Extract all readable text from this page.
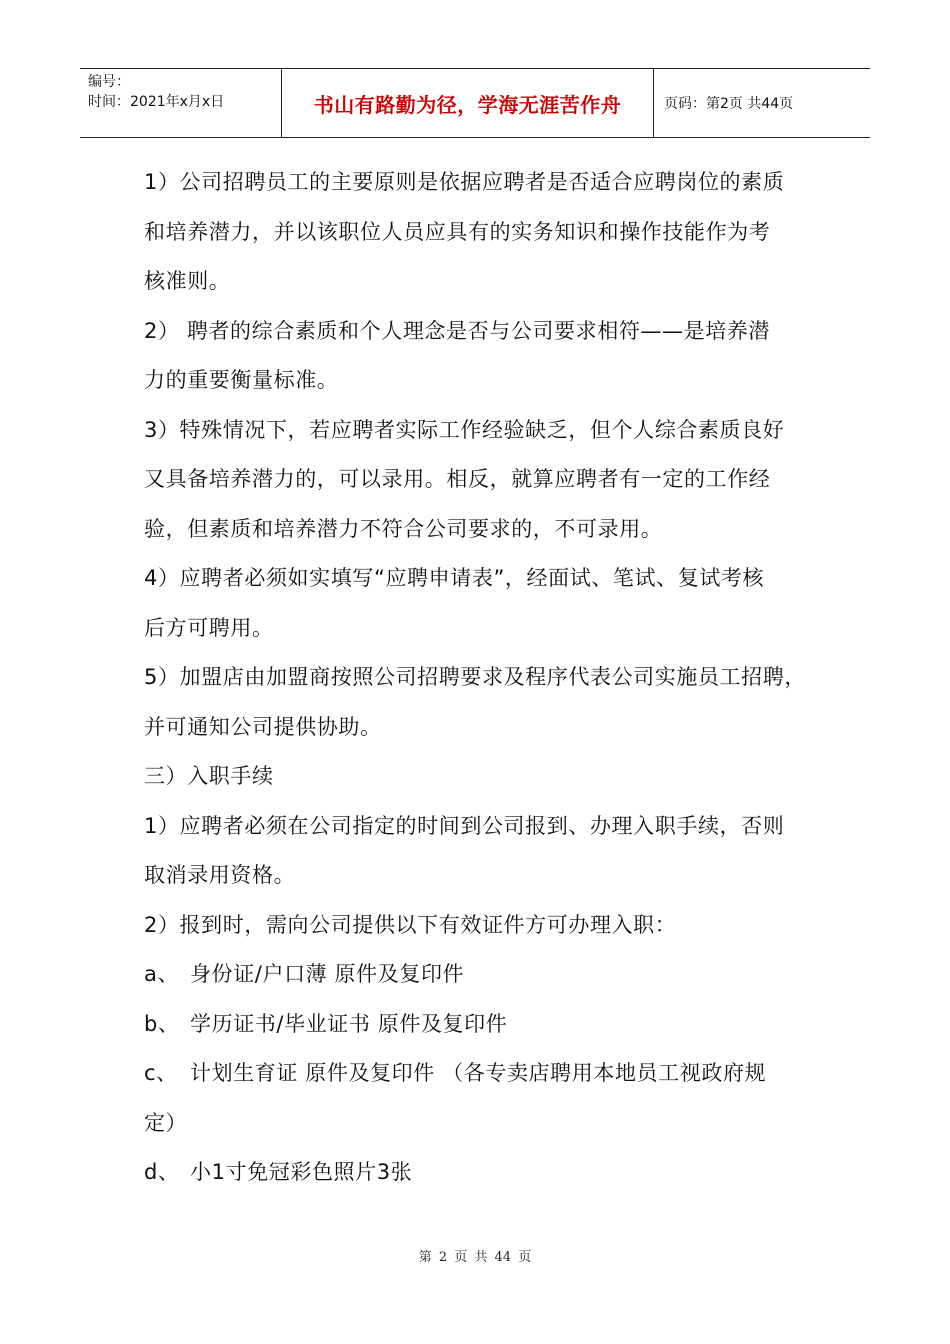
编号：
时间：2021年x月x日	书山有路勤为径，学海无涯苦作舟	页码：第2页 共44页
1）公司招聘员工的主要原则是依据应聘者是否适合应聘岗位的素质
和培养潜力，并以该职位人员应具有的实务知识和操作技能作为考
核准则。
2） 聘者的综合素质和个人理念是否与公司要求相符——是培养潜
力的重要衡量标准。
3）特殊情况下，若应聘者实际工作经验缺乏，但个人综合素质良好
又具备培养潜力的，可以录用。相反，就算应聘者有一定的工作经
验，但素质和培养潜力不符合公司要求的，不可录用。
4）应聘者必须如实填写“应聘申请表”，经面试、笔试、复试考核
后方可聘用。
5）加盟店由加盟商按照公司招聘要求及程序代表公司实施员工招聘，
并可通知公司提供协助。
三）入职手续
1）应聘者必须在公司指定的时间到公司报到、办理入职手续，否则
取消录用资格。
2）报到时，需向公司提供以下有效证件方可办理入职：
a、 身份证/户口薄 原件及复印件
b、 学历证书/毕业证书 原件及复印件
c、 计划生育证 原件及复印件 （各专卖店聘用本地员工视政府规
定）
d、 小1寸免冠彩色照片3张
第 2 页 共 44 页
